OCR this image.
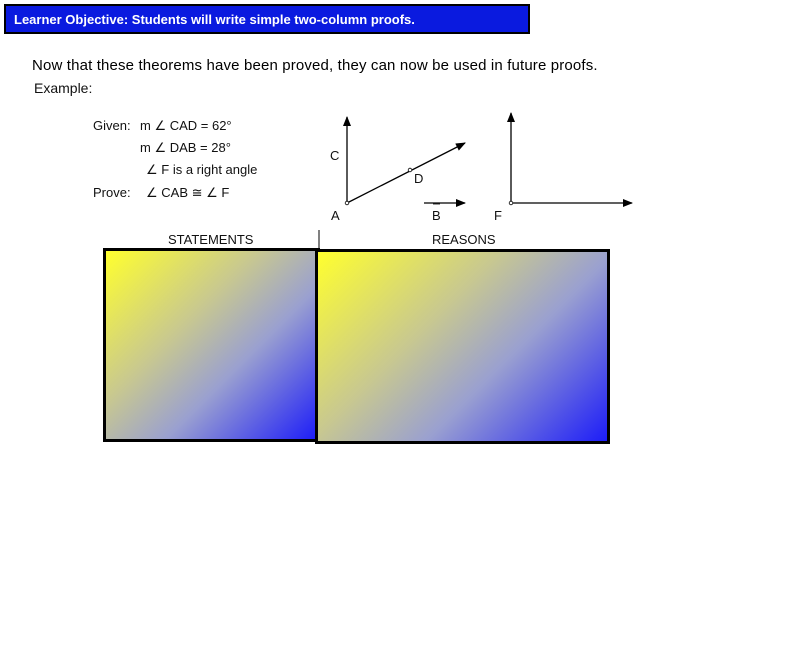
Learner Objective: Students will write simple two-column proofs.
Now that these theorems have been proved, they can now be used in future proofs.
Example:
Given: m ∠ CAD = 62°
m ∠ DAB = 28°
∠ F is a right angle
Prove: ∠ CAB ≅ ∠ F
C
D
A	B	F
STATEMENTS	REASONS
